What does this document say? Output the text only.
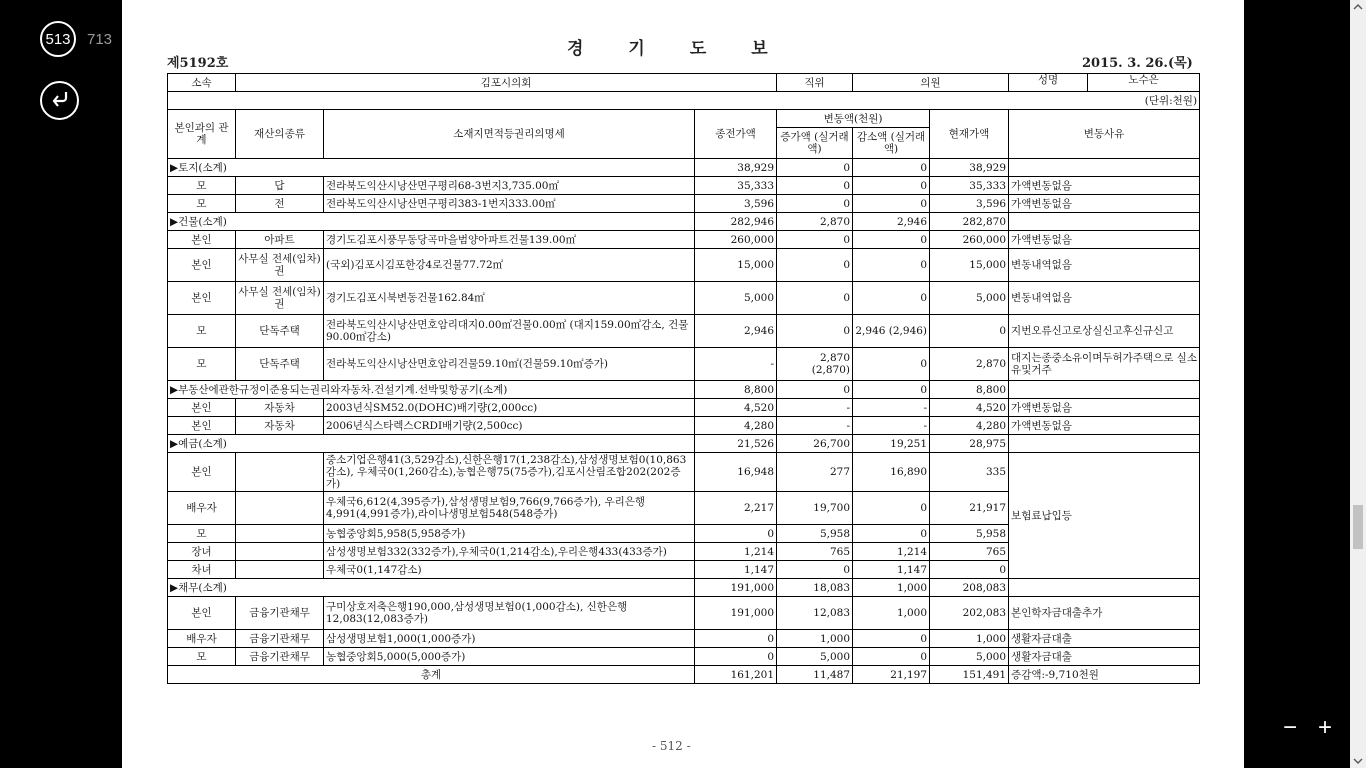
513	713
제5192호
경기도보
2015. 3. 26.(목)
소속	김포시의회			직위	의원		성명 노수은

(단위:천원)							
본인과의 관계	재산의종류	소재지면적등권리의명세	종전가액	변동액(천원)		현재가액	변동사유
				증가액 (실거래액)	감소액 (실거래액)		
▶토지(소계)			38,929	0	0	38,929	
모	답	전라북도익산시낭산면구평리68-3번지3,735.00㎡	35,333	0	0	35,333	가액변동없음
모	전	전라북도익산시낭산면구평리383-1번지333.00㎡	3,596	0	0	3,596	가액변동없음
▶건물(소계)			282,946	2,870	2,946	282,870	
본인	아파트	경기도김포시풍무동당곡마을범양아파트건물139.00㎡	260,000	0	0	260,000	가액변동없음
본인	사무실 전세(임차)권	(국외)김포시김포한강4로건물77.72㎡	15,000	0	0	15,000	변동내역없음
본인	사무실 전세(임차)권	경기도김포시북변동건물162.84㎡	5,000	0	0	5,000	변동내역없음
모	단독주택	전라북도익산시낭산면호암리대지0.00㎡건물0.00㎡ (대지159.00㎡감소, 건물90.00㎡감소)	2,946	0	2,946 (2,946)	0	지번오류신고로상실신고후신규신고
모	단독주택	전라북도익산시낭산면호암리건물59.10㎡(건물59.10㎡증가)	-	2,870 (2,870)	0	2,870	대지는종중소유이며두허가주택으로 실소유및거주
▶부동산에관한규정이준용되는권리와자동차.건설기계.선박및항공기(소계)			8,800	0	0	8,800	
본인	자동차	2003년식SM52.0(DOHC)배기량(2,000cc)	4,520	-	-	4,520	가액변동없음
본인	자동차	2006년식스타렉스CRDI배기량(2,500cc)	4,280	-	-	4,280	가액변동없음
▶예금(소계)			21,526	26,700	19,251	28,975	
본인		중소기업은행41(3,529감소),신한은행17(1,238감소),삼성생명보험0(10,863감소), 우체국0(1,260감소),농협은행75(75증가),김포시산림조합202(202증가)	16,948	277	16,890	335	보험료납입등
배우자		우체국6,612(4,395증가),삼성생명보험9,766(9,766증가), 우리은행4,991(4,991증가),라이나생명보험548(548증가)	2,217	19,700	0	21,917	
모		농협중앙회5,958(5,958증가)	0	5,958	0	5,958	
장녀		삼성생명보험332(332증가),우체국0(1,214감소),우리은행433(433증가)	1,214	765	1,214	765	
차녀		우체국0(1,147감소)	1,147	0	1,147	0	
▶채무(소계)			191,000	18,083	1,000	208,083	
본인	금융기관채무	구미상호저축은행190,000,삼성생명보험0(1,000감소), 신한은행12,083(12,083증가)	191,000	12,083	1,000	202,083	본인학자금대출추가
배우자	금융기관채무	삼성생명보험1,000(1,000증가)	0	1,000	0	1,000	생활자금대출
모	금융기관채무	농협중앙회5,000(5,000증가)	0	5,000	0	5,000	생활자금대출
총계			161,201	11,487	21,197	151,491	증감액:-9,710천원
- 512 -
− +
